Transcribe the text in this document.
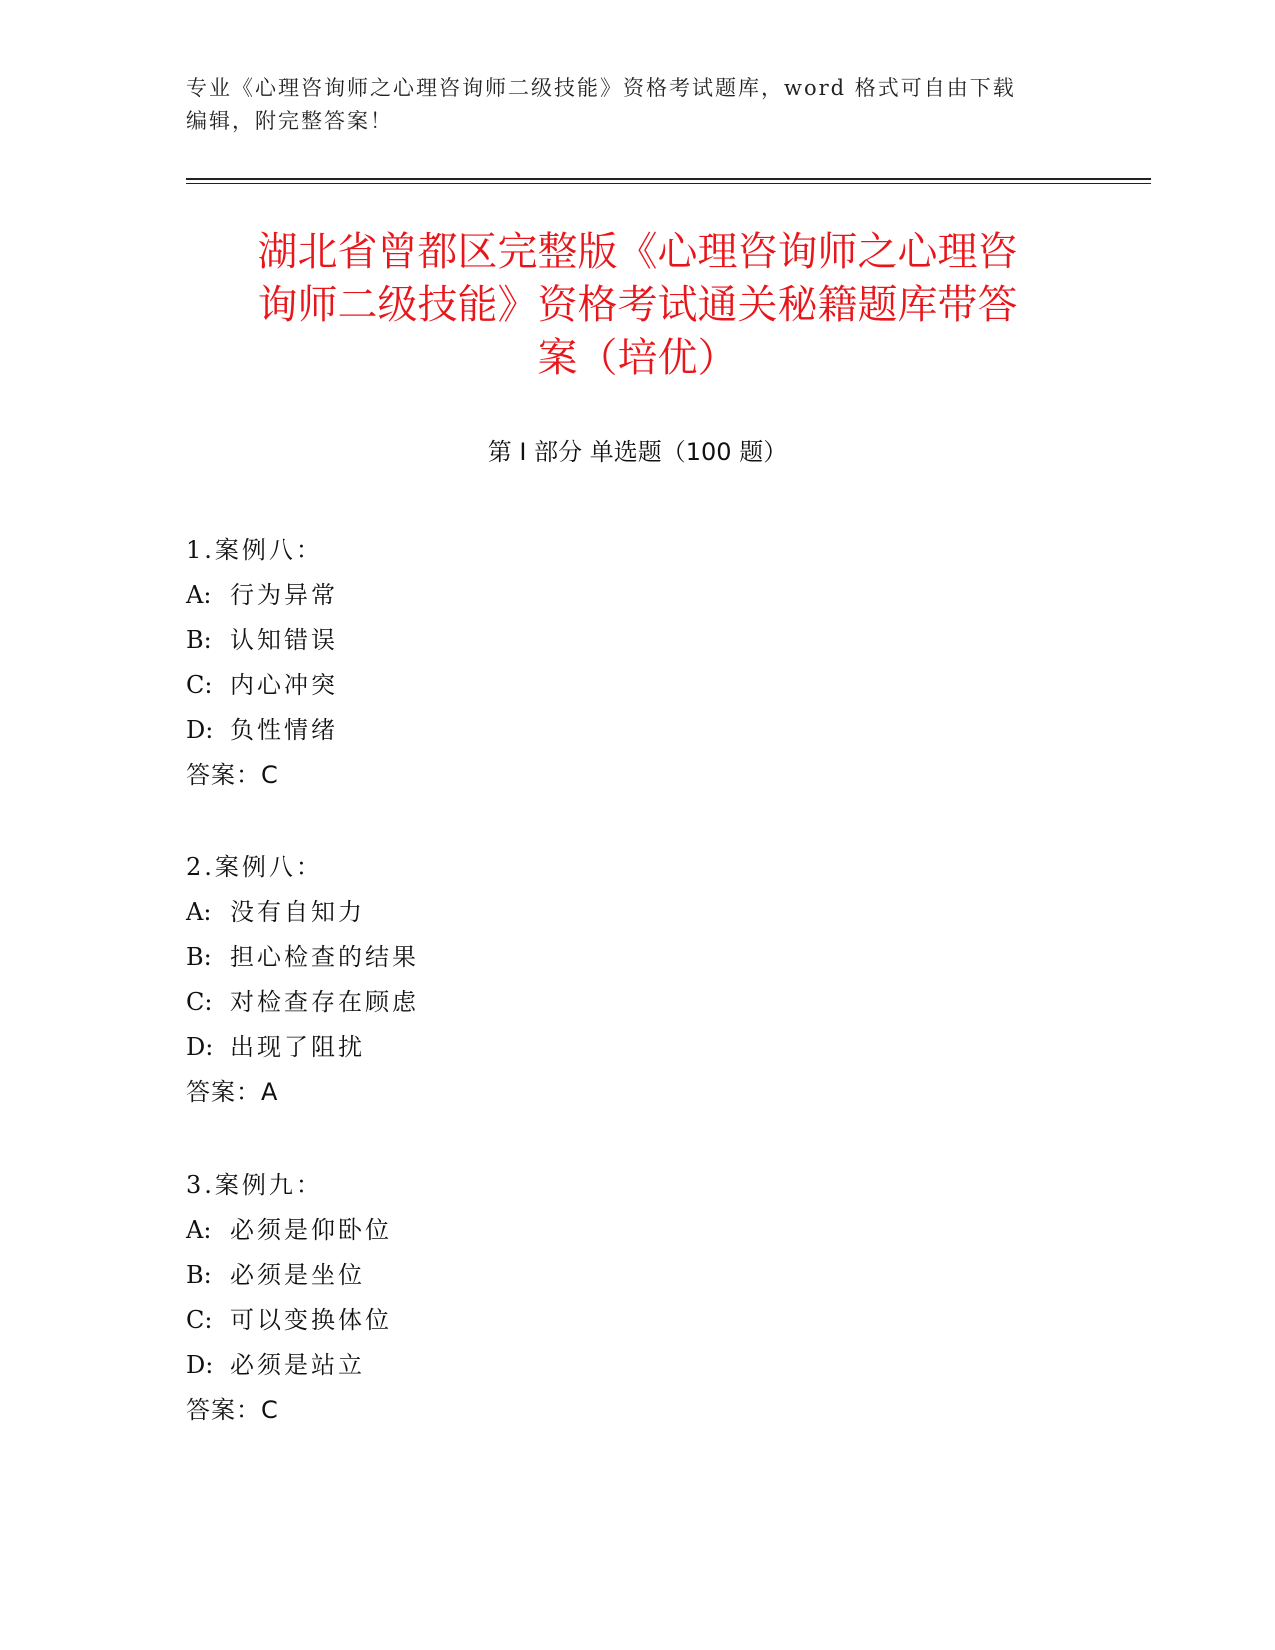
专业《心理咨询师之心理咨询师二级技能》资格考试题库，word 格式可自由下载
编辑，附完整答案！
湖北省曾都区完整版《心理咨询师之心理咨
询师二级技能》资格考试通关秘籍题库带答
案（培优）
第 I 部分 单选题（100 题）
1.案例八：
A: 行为异常
B: 认知错误
C: 内心冲突
D: 负性情绪
答案：C
2.案例八：
A: 没有自知力
B: 担心检查的结果
C: 对检查存在顾虑
D: 出现了阻扰
答案：A
3.案例九：
A: 必须是仰卧位
B: 必须是坐位
C: 可以变换体位
D: 必须是站立
答案：C
